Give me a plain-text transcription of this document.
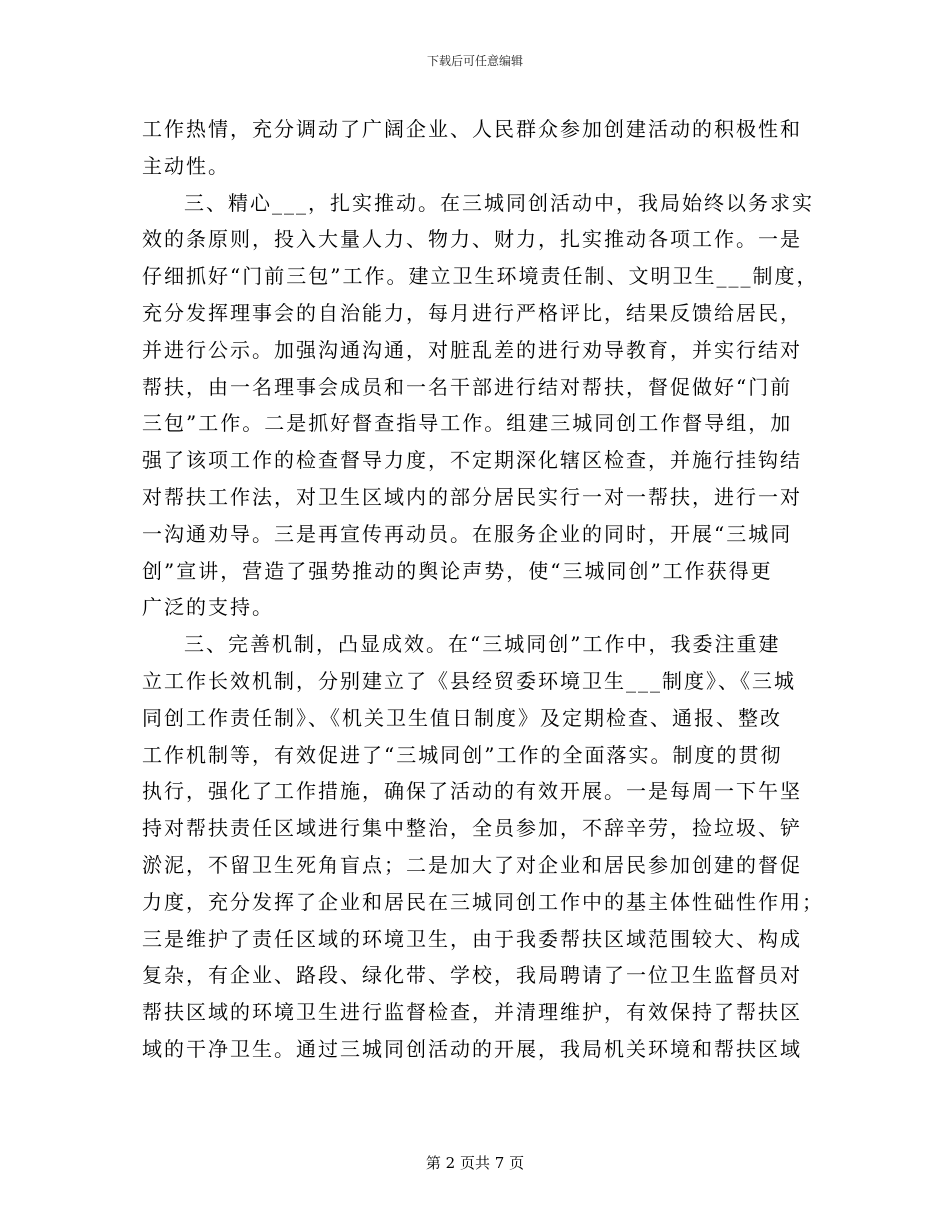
下载后可任意编辑
工作热情，充分调动了广阔企业、人民群众参加创建活动的积极性和
主动性。
三、精心___，扎实推动。在三城同创活动中，我局始终以务求实
效的条原则，投入大量人力、物力、财力，扎实推动各项工作。一是
仔细抓好“门前三包”工作。建立卫生环境责任制、文明卫生___制度，
充分发挥理事会的自治能力，每月进行严格评比，结果反馈给居民，
并进行公示。加强沟通沟通，对脏乱差的进行劝导教育，并实行结对
帮扶，由一名理事会成员和一名干部进行结对帮扶，督促做好“门前
三包”工作。二是抓好督查指导工作。组建三城同创工作督导组，加
强了该项工作的检查督导力度，不定期深化辖区检查，并施行挂钩结
对帮扶工作法，对卫生区域内的部分居民实行一对一帮扶，进行一对
一沟通劝导。三是再宣传再动员。在服务企业的同时，开展“三城同
创”宣讲，营造了强势推动的舆论声势，使“三城同创”工作获得更
广泛的支持。
三、完善机制，凸显成效。在“三城同创”工作中，我委注重建
立工作长效机制，分别建立了《县经贸委环境卫生___制度》、《三城
同创工作责任制》、《机关卫生值日制度》及定期检查、通报、整改
工作机制等，有效促进了“三城同创”工作的全面落实。制度的贯彻
执行，强化了工作措施，确保了活动的有效开展。一是每周一下午坚
持对帮扶责任区域进行集中整治，全员参加，不辞辛劳，捡垃圾、铲
淤泥，不留卫生死角盲点；二是加大了对企业和居民参加创建的督促
力度，充分发挥了企业和居民在三城同创工作中的基主体性础性作用；
三是维护了责任区域的环境卫生，由于我委帮扶区域范围较大、构成
复杂，有企业、路段、绿化带、学校，我局聘请了一位卫生监督员对
帮扶区域的环境卫生进行监督检查，并清理维护，有效保持了帮扶区
域的干净卫生。通过三城同创活动的开展，我局机关环境和帮扶区域
第 2 页共 7 页
